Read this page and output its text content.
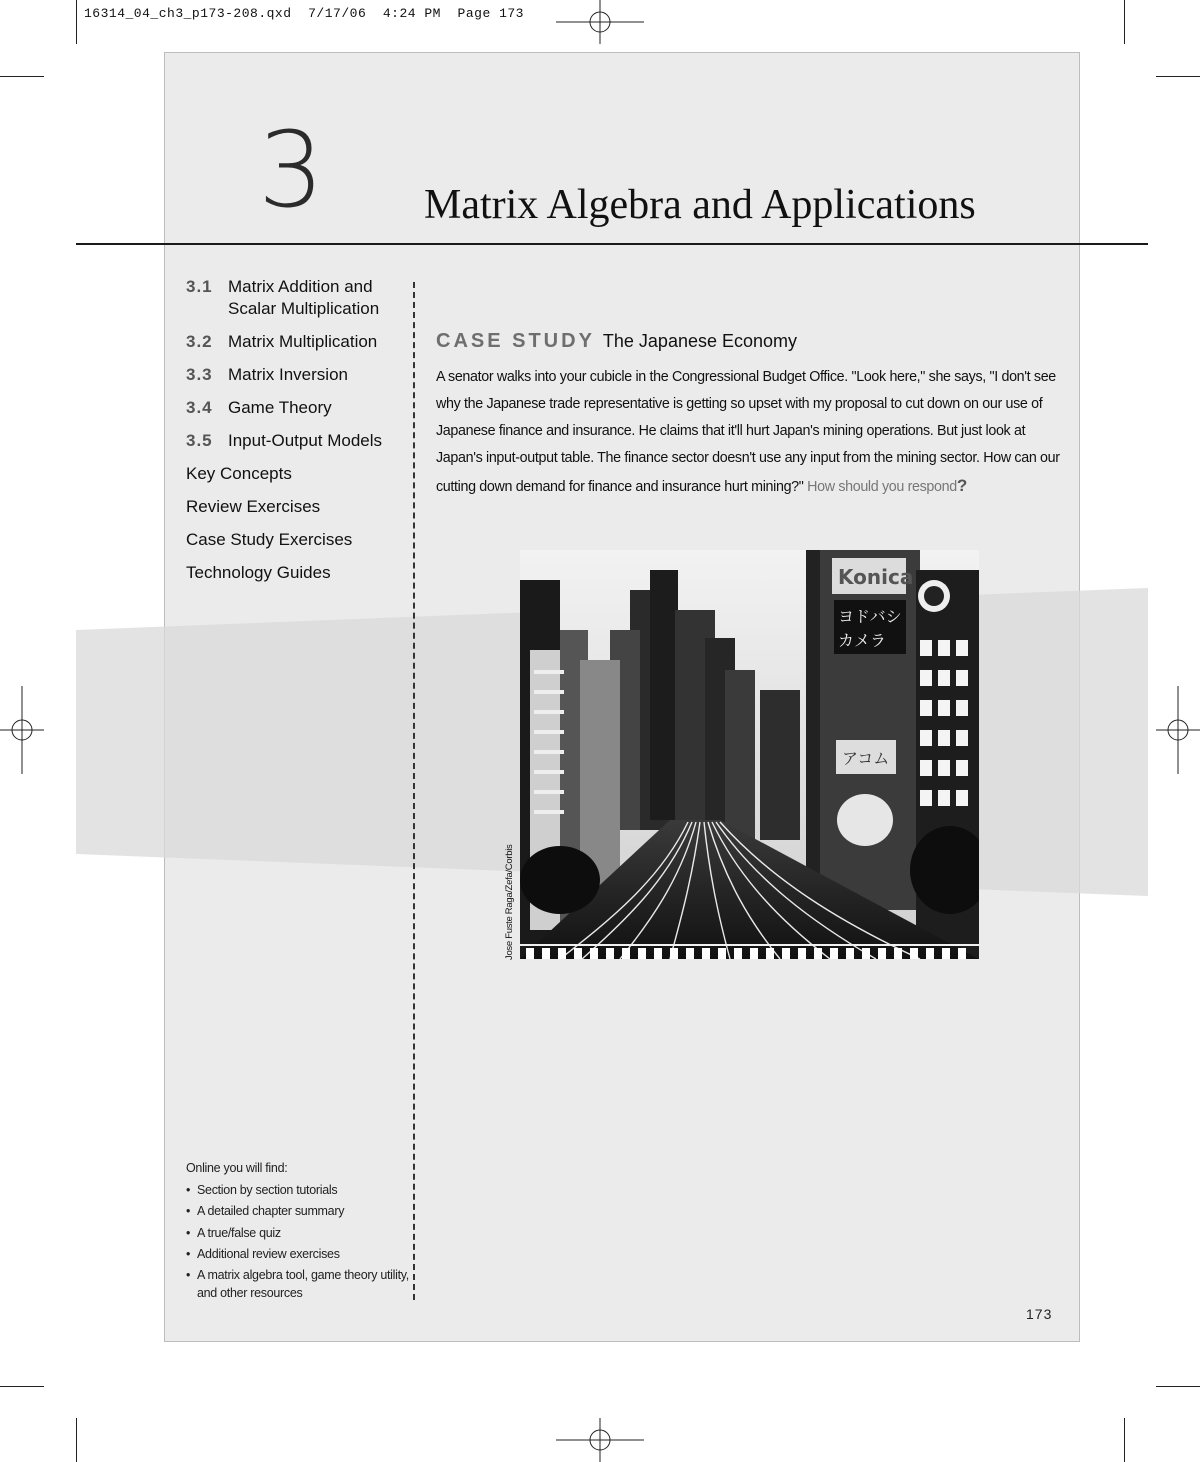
16314_04_ch3_p173-208.qxd  7/17/06  4:24 PM  Page 173
3 Matrix Algebra and Applications
3.1 Matrix Addition and
Scalar Multiplication
3.2 Matrix Multiplication
3.3 Matrix Inversion
3.4 Game Theory
3.5 Input-Output Models
Key Concepts
Review Exercises
Case Study Exercises
Technology Guides
Online you will find:
• Section by section tutorials
• A detailed chapter summary
• A true/false quiz
• Additional review exercises
• A matrix algebra tool, game theory utility, and other resources
CASE STUDY The Japanese Economy
A senator walks into your cubicle in the Congressional Budget Office. "Look here," she says, "I don't see why the Japanese trade representative is getting so upset with my proposal to cut down on our use of Japanese finance and insurance. He claims that it'll hurt Japan's mining operations. But just look at Japan's input-output table. The finance sector doesn't use any input from the mining sector. How can our cutting down demand for finance and insurance hurt mining?" How should you respond?
Konica
ヨドバシ
カメラ
アコム
Jose Fuste Raga/Zefa/Corbis
173
